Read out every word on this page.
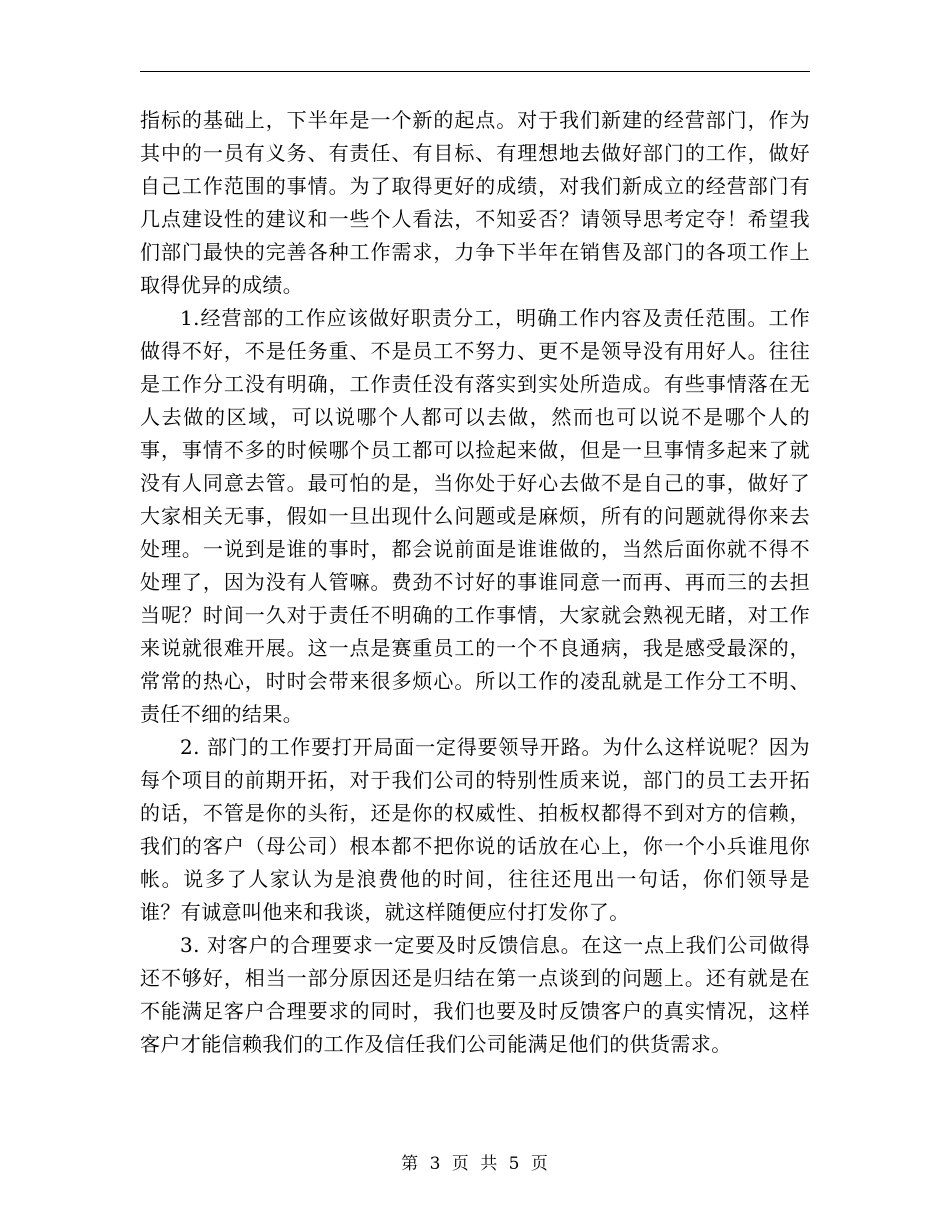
指标的基础上，下半年是一个新的起点。对于我们新建的经营部门，作为其中的一员有义务、有责任、有目标、有理想地去做好部门的工作，做好自己工作范围的事情。为了取得更好的成绩，对我们新成立的经营部门有几点建设性的建议和一些个人看法，不知妥否？请领导思考定夺！希望我们部门最快的完善各种工作需求，力争下半年在销售及部门的各项工作上取得优异的成绩。

1.经营部的工作应该做好职责分工，明确工作内容及责任范围。工作做得不好，不是任务重、不是员工不努力、更不是领导没有用好人。往往是工作分工没有明确，工作责任没有落实到实处所造成。有些事情落在无人去做的区域，可以说哪个人都可以去做，然而也可以说不是哪个人的事，事情不多的时候哪个员工都可以捡起来做，但是一旦事情多起来了就没有人同意去管。最可怕的是，当你处于好心去做不是自己的事，做好了大家相关无事，假如一旦出现什么问题或是麻烦，所有的问题就得你来去处理。一说到是谁的事时，都会说前面是谁谁做的，当然后面你就不得不处理了，因为没有人管嘛。费劲不讨好的事谁同意一而再、再而三的去担当呢？时间一久对于责任不明确的工作事情，大家就会熟视无睹，对工作来说就很难开展。这一点是赛重员工的一个不良通病，我是感受最深的，常常的热心，时时会带来很多烦心。所以工作的凌乱就是工作分工不明、责任不细的结果。

2. 部门的工作要打开局面一定得要领导开路。为什么这样说呢？因为每个项目的前期开拓，对于我们公司的特别性质来说，部门的员工去开拓的话，不管是你的头衔，还是你的权威性、拍板权都得不到对方的信赖，我们的客户（母公司）根本都不把你说的话放在心上，你一个小兵谁甩你帐。说多了人家认为是浪费他的时间，往往还甩出一句话，你们领导是谁？有诚意叫他来和我谈，就这样随便应付打发你了。

3. 对客户的合理要求一定要及时反馈信息。在这一点上我们公司做得还不够好，相当一部分原因还是归结在第一点谈到的问题上。还有就是在不能满足客户合理要求的同时，我们也要及时反馈客户的真实情况，这样客户才能信赖我们的工作及信任我们公司能满足他们的供货需求。

第 3 页 共 5 页
